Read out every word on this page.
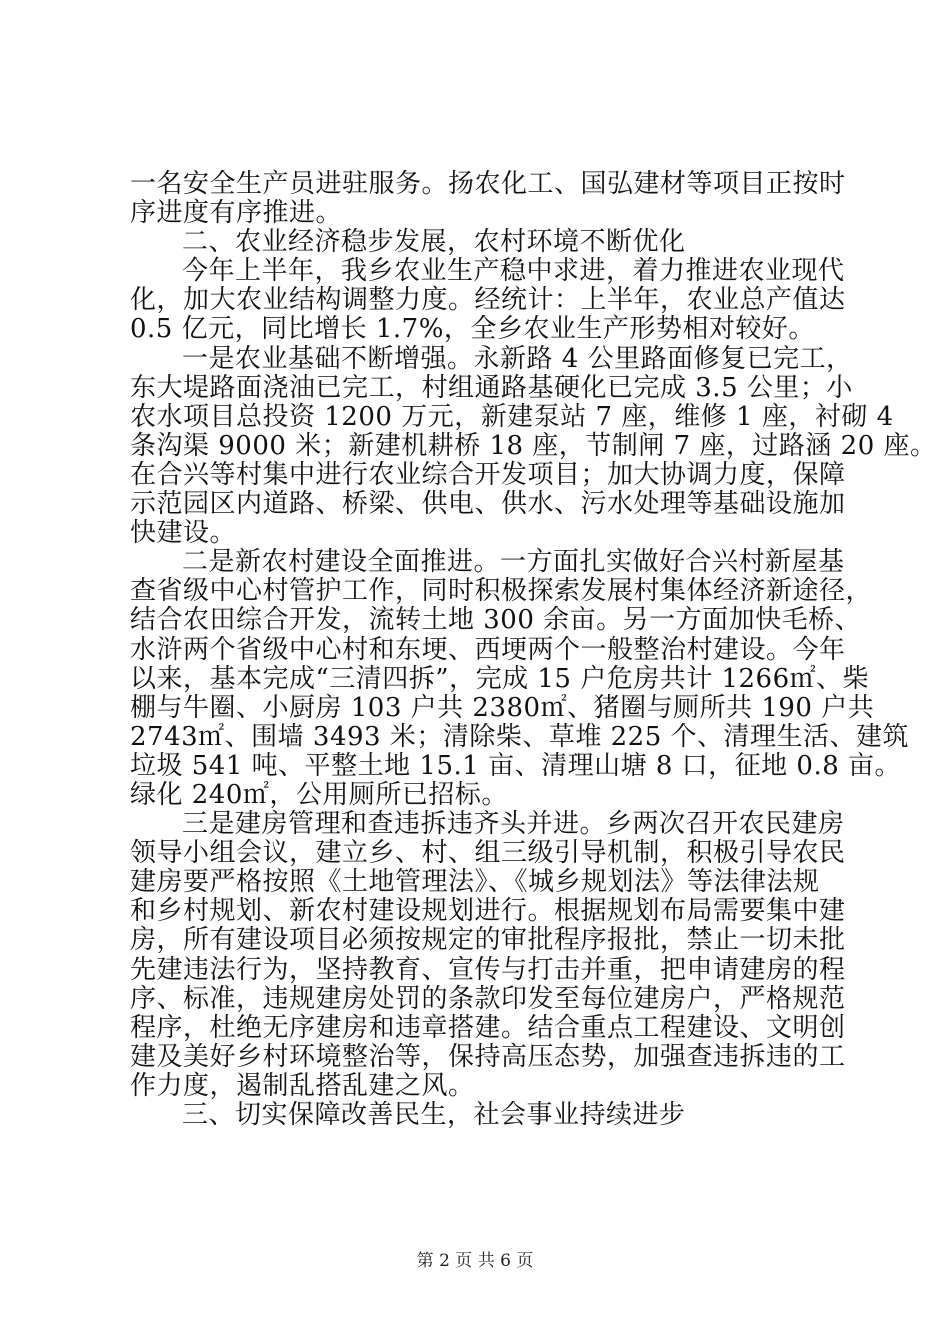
一名安全生产员进驻服务。扬农化工、国弘建材等项目正按时
序进度有序推进。
二、农业经济稳步发展，农村环境不断优化
今年上半年，我乡农业生产稳中求进，着力推进农业现代
化，加大农业结构调整力度。经统计：上半年，农业总产值达
0.5 亿元，同比增长 1.7%，全乡农业生产形势相对较好。
一是农业基础不断增强。永新路 4 公里路面修复已完工，
东大堤路面浇油已完工，村组通路基硬化已完成 3.5 公里；小
农水项目总投资 1200 万元，新建泵站 7 座，维修 1 座，衬砌 4
条沟渠 9000 米；新建机耕桥 18 座，节制闸 7 座，过路涵 20 座。
在合兴等村集中进行农业综合开发项目；加大协调力度，保障
示范园区内道路、桥梁、供电、供水、污水处理等基础设施加
快建设。
二是新农村建设全面推进。一方面扎实做好合兴村新屋基
查省级中心村管护工作，同时积极探索发展村集体经济新途径，
结合农田综合开发，流转土地 300 余亩。另一方面加快毛桥、
水浒两个省级中心村和东埂、西埂两个一般整治村建设。今年
以来，基本完成“三清四拆”，完成 15 户危房共计 1266㎡、柴
棚与牛圈、小厨房 103 户共 2380㎡、猪圈与厕所共 190 户共
2743㎡、围墙 3493 米；清除柴、草堆 225 个、清理生活、建筑
垃圾 541 吨、平整土地 15.1 亩、清理山塘 8 口，征地 0.8 亩。
绿化 240㎡，公用厕所已招标。
三是建房管理和查违拆违齐头并进。乡两次召开农民建房
领导小组会议，建立乡、村、组三级引导机制，积极引导农民
建房要严格按照《土地管理法》、《城乡规划法》等法律法规
和乡村规划、新农村建设规划进行。根据规划布局需要集中建
房，所有建设项目必须按规定的审批程序报批，禁止一切未批
先建违法行为，坚持教育、宣传与打击并重，把申请建房的程
序、标准，违规建房处罚的条款印发至每位建房户，严格规范
程序，杜绝无序建房和违章搭建。结合重点工程建设、文明创
建及美好乡村环境整治等，保持高压态势，加强查违拆违的工
作力度，遏制乱搭乱建之风。
三、切实保障改善民生，社会事业持续进步
第 2 页 共 6 页
